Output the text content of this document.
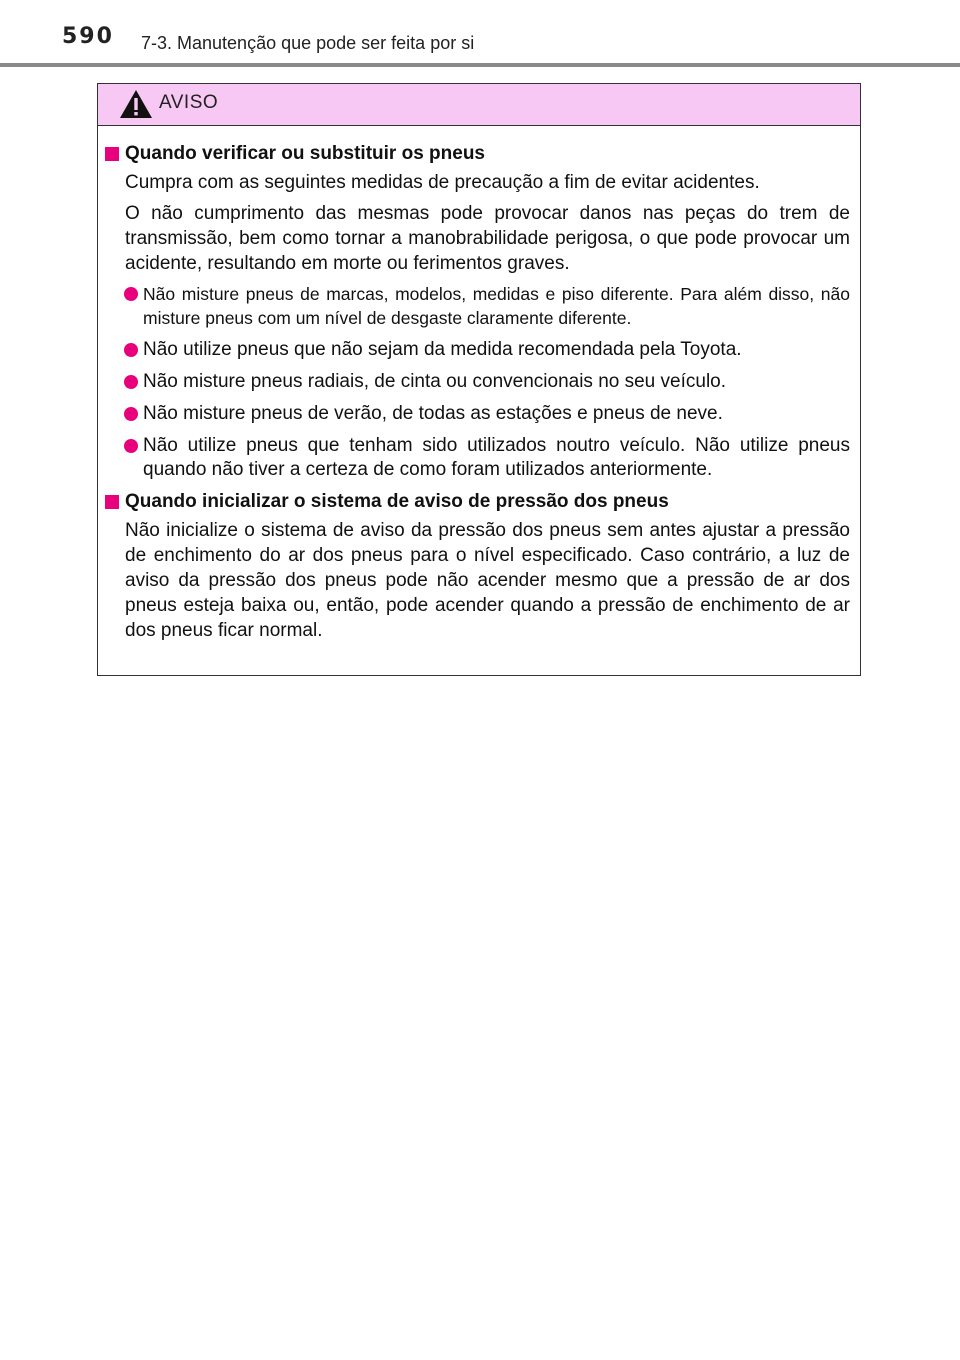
590 7-3. Manutenção que pode ser feita por si
AVISO
Quando verificar ou substituir os pneus

Cumpra com as seguintes medidas de precaução a fim de evitar acidentes.

O não cumprimento das mesmas pode provocar danos nas peças do trem de transmissão, bem como tornar a manobrabilidade perigosa, o que pode provocar um acidente, resultando em morte ou ferimentos graves.

Não misture pneus de marcas, modelos, medidas e piso diferente. Para além disso, não misture pneus com um nível de desgaste claramente diferente.
Não utilize pneus que não sejam da medida recomendada pela Toyota.
Não misture pneus radiais, de cinta ou convencionais no seu veículo.
Não misture pneus de verão, de todas as estações e pneus de neve.
Não utilize pneus que tenham sido utilizados noutro veículo. Não utilize pneus quando não tiver a certeza de como foram utilizados anteriormente.
Quando inicializar o sistema de aviso de pressão dos pneus

Não inicialize o sistema de aviso da pressão dos pneus sem antes ajustar a pressão de enchimento do ar dos pneus para o nível especificado. Caso contrário, a luz de aviso da pressão dos pneus pode não acender mesmo que a pressão de ar dos pneus esteja baixa ou, então, pode acender quando a pressão de enchimento de ar dos pneus ficar normal.
